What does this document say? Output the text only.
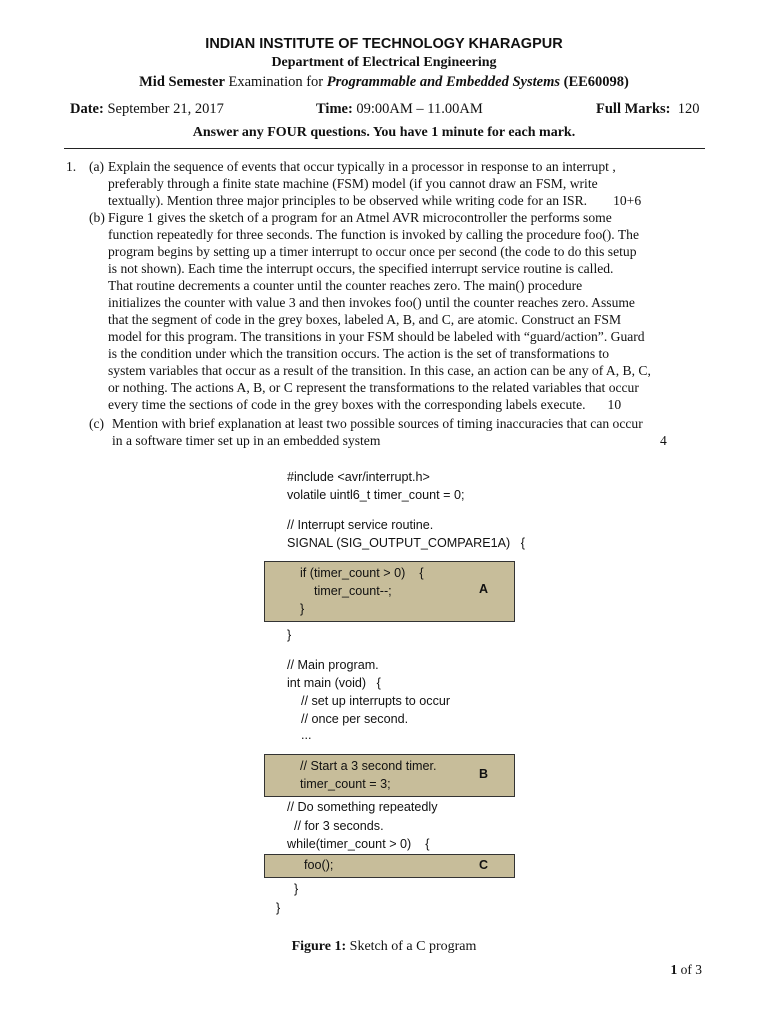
INDIAN INSTITUTE OF TECHNOLOGY KHARAGPUR
Department of Electrical Engineering
Mid Semester Examination for Programmable and Embedded Systems (EE60098)
Date: September 21, 2017	Time: 09:00AM – 11.00AM	Full Marks: 120
Answer any FOUR questions. You have 1 minute for each mark.
1. (a) Explain the sequence of events that occur typically in a processor in response to an interrupt ,
preferably through a finite state machine (FSM) model (if you cannot draw an FSM, write
textually). Mention three major principles to be observed while writing code for an ISR. 10+6
(b) Figure 1 gives the sketch of a program for an Atmel AVR microcontroller the performs some
function repeatedly for three seconds. The function is invoked by calling the procedure foo(). The
program begins by setting up a timer interrupt to occur once per second (the code to do this setup
is not shown). Each time the interrupt occurs, the specified interrupt service routine is called.
That routine decrements a counter until the counter reaches zero. The main() procedure
initializes the counter with value 3 and then invokes foo() until the counter reaches zero. Assume
that the segment of code in the grey boxes, labeled A, B, and C, are atomic. Construct an FSM
model for this program. The transitions in your FSM should be labeled with “guard/action”. Guard
is the condition under which the transition occurs. The action is the set of transformations to
system variables that occur as a result of the transition. In this case, an action can be any of A, B, C,
or nothing. The actions A, B, or C represent the transformations to the related variables that occur
every time the sections of code in the grey boxes with the corresponding labels execute. 10
(c) Mention with brief explanation at least two possible sources of timing inaccuracies that can occur
in a software timer set up in an embedded system	4
#include <avr/interrupt.h>
volatile uintl6_t timer_count = 0;
// Interrupt service routine.
SIGNAL (SIG_OUTPUT_COMPARE1A)   {
if (timer_count > 0)    {
timer_count--;
}
A
}
// Main program.
int main (void)   {
// set up interrupts to occur
// once per second.
...
// Start a 3 second timer.
timer_count = 3;
B
// Do something repeatedly
// for 3 seconds.
while(timer_count > 0)    {
foo();	C
}
}
Figure 1: Sketch of a C program
1 of 3
